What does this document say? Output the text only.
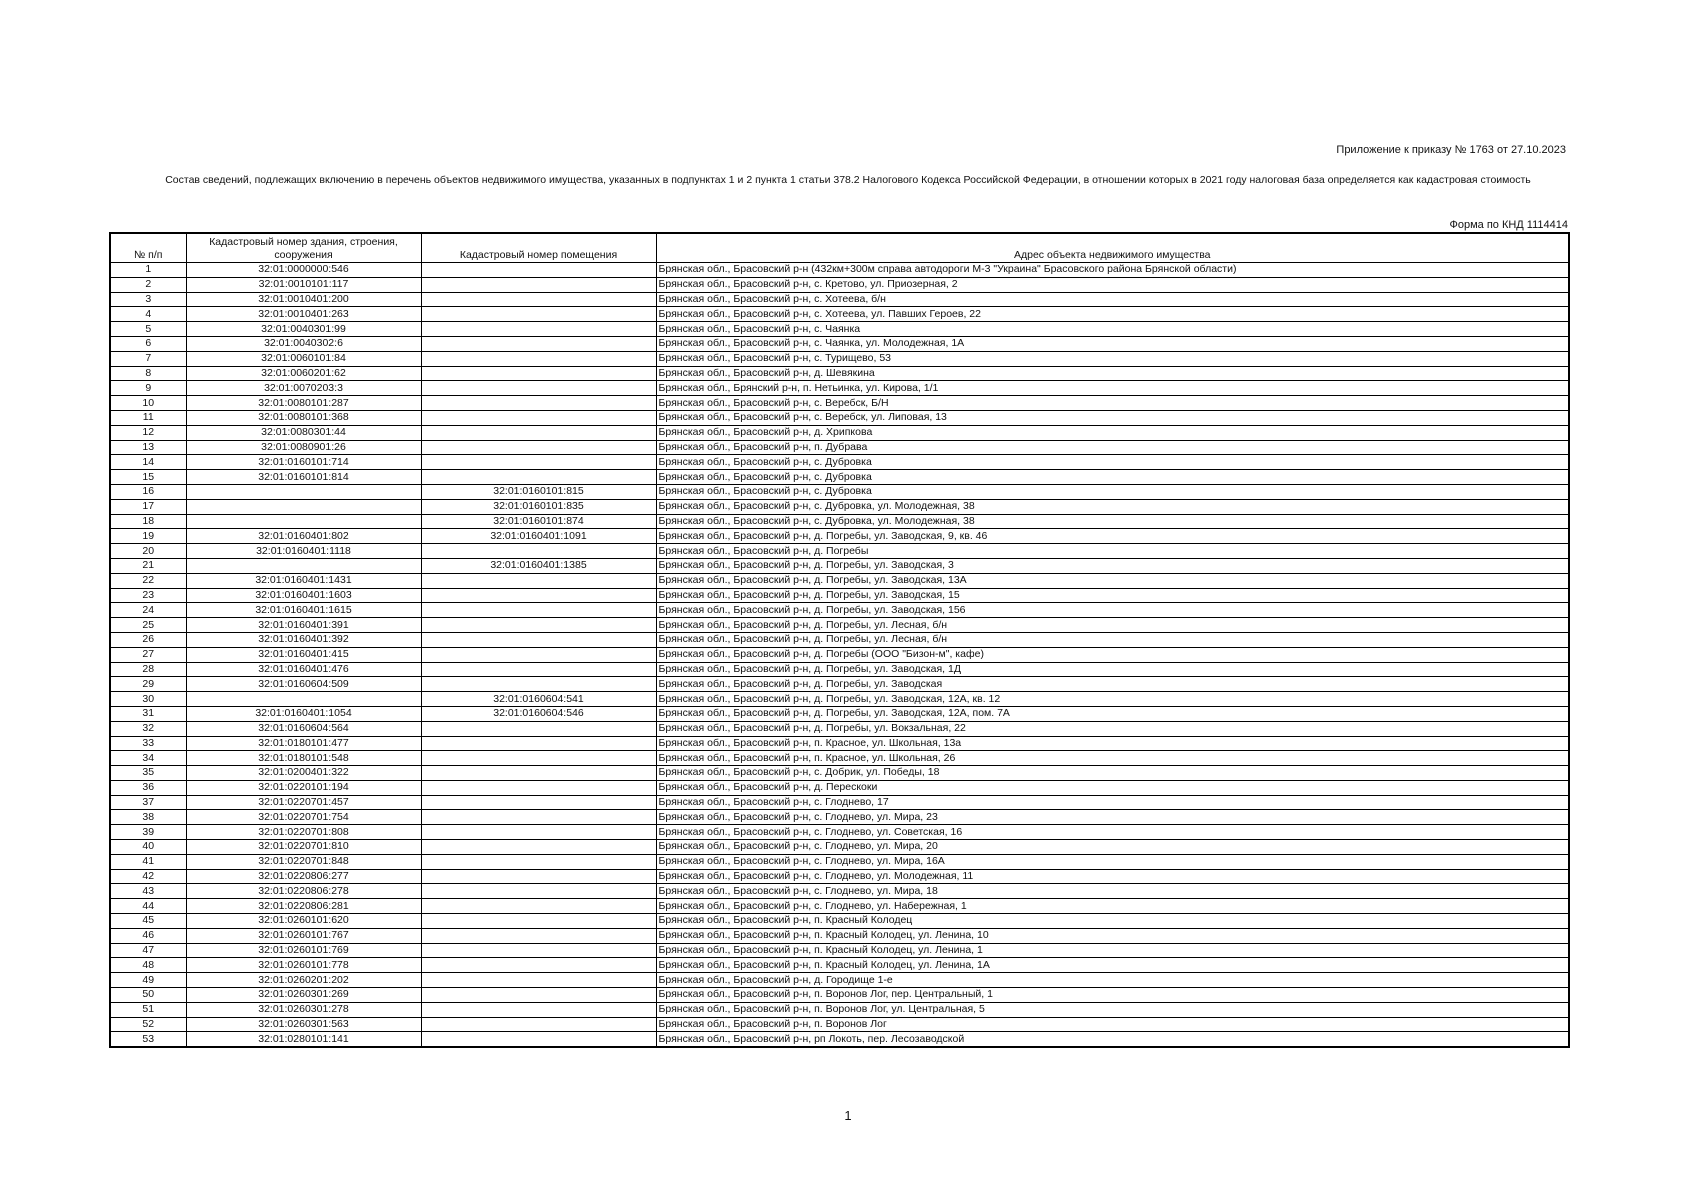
Приложение к приказу № 1763 от 27.10.2023
Состав сведений, подлежащих включению в перечень объектов недвижимого имущества, указанных в подпунктах 1 и 2 пункта 1 статьи 378.2 Налогового Кодекса Российской Федерации, в отношении которых в 2021 году налоговая база определяется как кадастровая стоимость
Форма по КНД 1114414
№ п/п	Кадастровый номер здания, строения, сооружения	Кадастровый номер помещения	Адрес объекта недвижимого имущества
1	32:01:0000000:546		Брянская обл., Брасовский р-н (432км+300м справа автодороги М-3 "Украина" Брасовского района Брянской области)
2	32:01:0010101:117		Брянская обл., Брасовский р-н, с. Кретово, ул. Приозерная, 2
3	32:01:0010401:200		Брянская обл., Брасовский р-н, с. Хотеева, б/н
4	32:01:0010401:263		Брянская обл., Брасовский р-н, с. Хотеева, ул. Павших Героев, 22
5	32:01:0040301:99		Брянская обл., Брасовский р-н, с. Чаянка
6	32:01:0040302:6		Брянская обл., Брасовский р-н, с. Чаянка, ул. Молодежная, 1А
7	32:01:0060101:84		Брянская обл., Брасовский р-н, с. Турищево, 53
8	32:01:0060201:62		Брянская обл., Брасовский р-н, д. Шевякина
9	32:01:0070203:3		Брянская обл., Брянский р-н, п. Нетьинка, ул. Кирова, 1/1
10	32:01:0080101:287		Брянская обл., Брасовский р-н, с. Веребск, Б/Н
11	32:01:0080101:368		Брянская обл., Брасовский р-н, с. Веребск, ул. Липовая, 13
12	32:01:0080301:44		Брянская обл., Брасовский р-н, д. Хрипкова
13	32:01:0080901:26		Брянская обл., Брасовский р-н, п. Дубрава
14	32:01:0160101:714		Брянская обл., Брасовский р-н, с. Дубровка
15	32:01:0160101:814		Брянская обл., Брасовский р-н, с. Дубровка
16		32:01:0160101:815	Брянская обл., Брасовский р-н, с. Дубровка
17		32:01:0160101:835	Брянская обл., Брасовский р-н, с. Дубровка, ул. Молодежная, 38
18		32:01:0160101:874	Брянская обл., Брасовский р-н, с. Дубровка, ул. Молодежная, 38
19	32:01:0160401:802	32:01:0160401:1091	Брянская обл., Брасовский р-н, д. Погребы, ул. Заводская, 9, кв. 46
20	32:01:0160401:1118		Брянская обл., Брасовский р-н, д. Погребы
21		32:01:0160401:1385	Брянская обл., Брасовский р-н, д. Погребы, ул. Заводская, 3
22	32:01:0160401:1431		Брянская обл., Брасовский р-н, д. Погребы, ул. Заводская, 13А
23	32:01:0160401:1603		Брянская обл., Брасовский р-н, д. Погребы, ул. Заводская, 15
24	32:01:0160401:1615		Брянская обл., Брасовский р-н, д. Погребы, ул. Заводская, 156
25	32:01:0160401:391		Брянская обл., Брасовский р-н, д. Погребы, ул. Лесная, б/н
26	32:01:0160401:392		Брянская обл., Брасовский р-н, д. Погребы, ул. Лесная, б/н
27	32:01:0160401:415		Брянская обл., Брасовский р-н, д. Погребы (ООО "Бизон-м", кафе)
28	32:01:0160401:476		Брянская обл., Брасовский р-н, д. Погребы, ул. Заводская, 1Д
29	32:01:0160604:509		Брянская обл., Брасовский р-н, д. Погребы, ул. Заводская
30		32:01:0160604:541	Брянская обл., Брасовский р-н, д. Погребы, ул. Заводская, 12А, кв. 12
31	32:01:0160401:1054	32:01:0160604:546	Брянская обл., Брасовский р-н, д. Погребы, ул. Заводская, 12А, пом. 7А
32	32:01:0160604:564		Брянская обл., Брасовский р-н, д. Погребы, ул. Вокзальная, 22
33	32:01:0180101:477		Брянская обл., Брасовский р-н, п. Красное, ул. Школьная, 13а
34	32:01:0180101:548		Брянская обл., Брасовский р-н, п. Красное, ул. Школьная, 26
35	32:01:0200401:322		Брянская обл., Брасовский р-н, с. Добрик, ул. Победы, 18
36	32:01:0220101:194		Брянская обл., Брасовский р-н, д. Перескоки
37	32:01:0220701:457		Брянская обл., Брасовский р-н, с. Глоднево, 17
38	32:01:0220701:754		Брянская обл., Брасовский р-н, с. Глоднево, ул. Мира, 23
39	32:01:0220701:808		Брянская обл., Брасовский р-н, с. Глоднево, ул. Советская, 16
40	32:01:0220701:810		Брянская обл., Брасовский р-н, с. Глоднево, ул. Мира, 20
41	32:01:0220701:848		Брянская обл., Брасовский р-н, с. Глоднево, ул. Мира, 16А
42	32:01:0220806:277		Брянская обл., Брасовский р-н, с. Глоднево, ул. Молодежная, 11
43	32:01:0220806:278		Брянская обл., Брасовский р-н, с. Глоднево, ул. Мира, 18
44	32:01:0220806:281		Брянская обл., Брасовский р-н, с. Глоднево, ул. Набережная, 1
45	32:01:0260101:620		Брянская обл., Брасовский р-н, п. Красный Колодец
46	32:01:0260101:767		Брянская обл., Брасовский р-н, п. Красный Колодец, ул. Ленина, 10
47	32:01:0260101:769		Брянская обл., Брасовский р-н, п. Красный Колодец, ул. Ленина, 1
48	32:01:0260101:778		Брянская обл., Брасовский р-н, п. Красный Колодец, ул. Ленина, 1А
49	32:01:0260201:202		Брянская обл., Брасовский р-н, д. Городище 1-е
50	32:01:0260301:269		Брянская обл., Брасовский р-н, п. Воронов Лог, пер. Центральный, 1
51	32:01:0260301:278		Брянская обл., Брасовский р-н, п. Воронов Лог, ул. Центральная, 5
52	32:01:0260301:563		Брянская обл., Брасовский р-н, п. Воронов Лог
53	32:01:0280101:141		Брянская обл., Брасовский р-н, рп Локоть, пер. Лесозаводской
1
